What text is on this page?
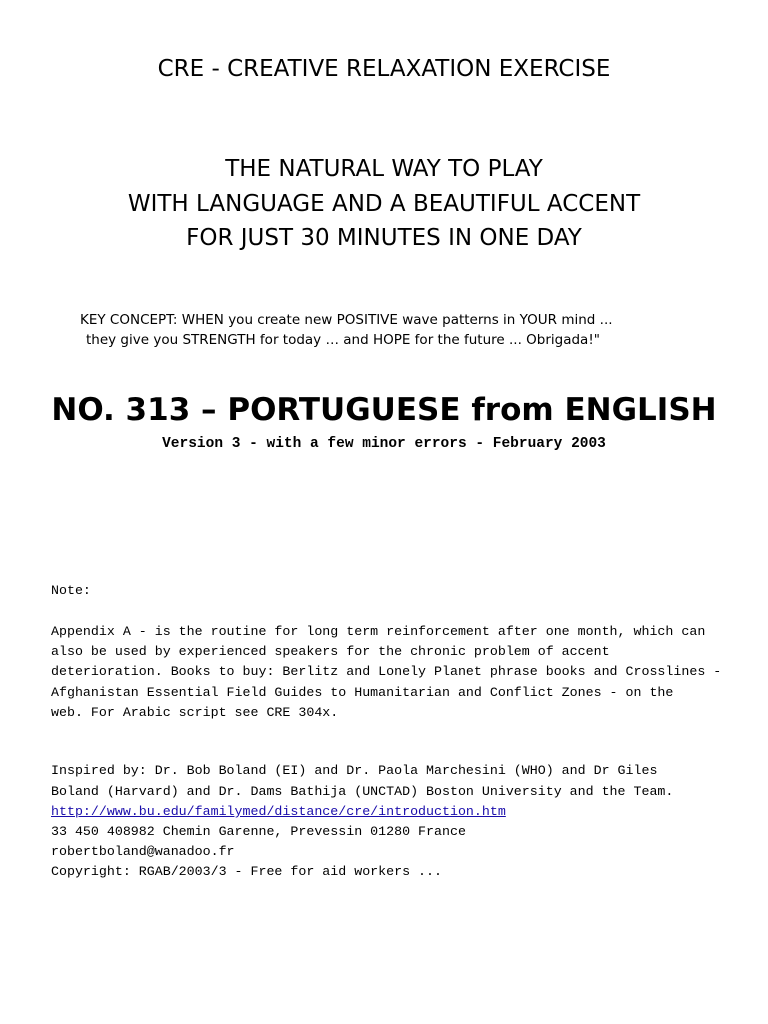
CRE - CREATIVE RELAXATION EXERCISE
THE NATURAL WAY TO PLAY
WITH LANGUAGE AND A BEAUTIFUL ACCENT
FOR JUST 30 MINUTES IN ONE DAY
KEY CONCEPT: WHEN you create new POSITIVE wave patterns in YOUR mind ...
they give you STRENGTH for today … and HOPE for the future ... Obrigada!"
NO. 313 – PORTUGUESE from ENGLISH
Version 3 - with a few minor errors - February 2003
Note:
Appendix A - is the routine for long term reinforcement after one month, which can
also be used by experienced speakers for the chronic problem of accent
deterioration. Books to buy: Berlitz and Lonely Planet phrase books and Crosslines -
Afghanistan Essential Field Guides to Humanitarian and Conflict Zones - on the
web. For Arabic script see CRE 304x.
Inspired by: Dr. Bob Boland (EI) and Dr. Paola Marchesini (WHO) and Dr Giles
Boland (Harvard) and Dr. Dams Bathija (UNCTAD) Boston University and the Team.
http://www.bu.edu/familymed/distance/cre/introduction.htm
33 450 408982 Chemin Garenne, Prevessin 01280 France
robertboland@wanadoo.fr
Copyright: RGAB/2003/3 - Free for aid workers ...
